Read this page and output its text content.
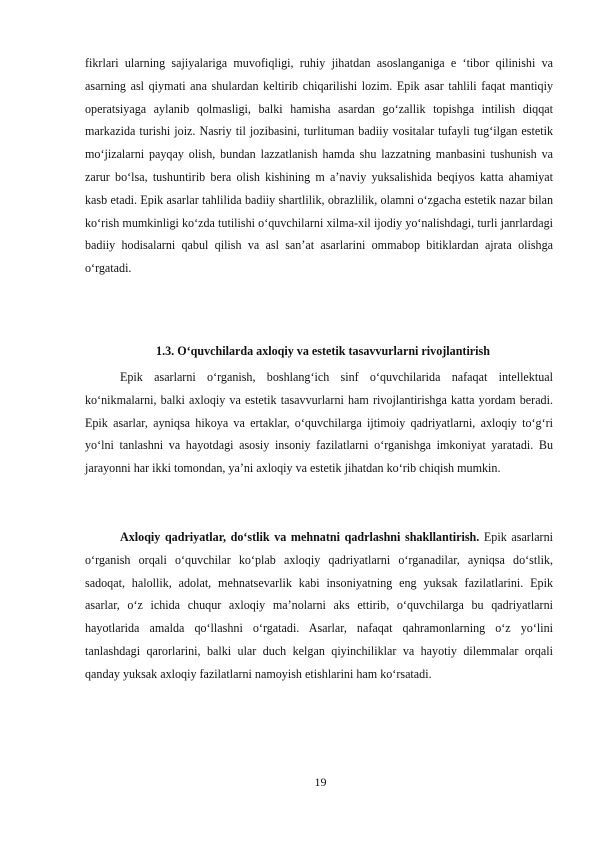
fikrlari ularning sajiyalariga muvofiqligi, ruhiy jihatdan asoslanganiga e ‘tibor qilinishi va asarning asl qiymati ana shulardan keltirib chiqarilishi lozim. Epik asar tahlili faqat mantiqiy operatsiyaga aylanib qolmasligi, balki hamisha asardan go‘zallik topishga intilish diqqat markazida turishi joiz. Nasriy til jozibasini, turlituman badiiy vositalar tufayli tug‘ilgan estetik mo‘jizalarni payqay olish, bundan lazzatlanish hamda shu lazzatning manbasini tushunish va zarur bo‘lsa, tushuntirib bera olish kishining m a’naviy yuksalishida beqiyos katta ahamiyat kasb etadi. Epik asarlar tahlilida badiiy shartlilik, obrazlilik, olamni o‘zgacha estetik nazar bilan ko‘rish mumkinligi ko‘zda tutilishi o‘quvchilarni xilma-xil ijodiy yo‘nalishdagi, turli janrlardagi badiiy hodisalarni qabul qilish va asl san’at asarlarini ommabop bitiklardan ajrata olishga o‘rgatadi.

1.3. O‘quvchilarda axloqiy va estetik tasavvurlarni rivojlantirish

Epik asarlarni o‘rganish, boshlang‘ich sinf o‘quvchilarida nafaqat intellektual ko‘nikmalarni, balki axloqiy va estetik tasavvurlarni ham rivojlantirishga katta yordam beradi. Epik asarlar, ayniqsa hikoya va ertaklar, o‘quvchilarga ijtimoiy qadriyatlarni, axloqiy to‘g‘ri yo‘lni tanlashni va hayotdagi asosiy insoniy fazilatlarni o‘rganishga imkoniyat yaratadi. Bu jarayonni har ikki tomondan, ya’ni axloqiy va estetik jihatdan ko‘rib chiqish mumkin.

Axloqiy qadriyatlar, do‘stlik va mehnatni qadrlashni shakllantirish. Epik asarlarni o‘rganish orqali o‘quvchilar ko‘plab axloqiy qadriyatlarni o‘rganadilar, ayniqsa do‘stlik, sadoqat, halollik, adolat, mehnatsevarlik kabi insoniyatning eng yuksak fazilatlarini. Epik asarlar, o‘z ichida chuqur axloqiy ma’nolarni aks ettirib, o‘quvchilarga bu qadriyatlarni hayotlarida amalda qo‘llashni o‘rgatadi. Asarlar, nafaqat qahramonlarning o‘z yo‘lini tanlashdagi qarorlarini, balki ular duch kelgan qiyinchiliklar va hayotiy dilemmalar orqali qanday yuksak axloqiy fazilatlarni namoyish etishlarini ham ko‘rsatadi.

19
